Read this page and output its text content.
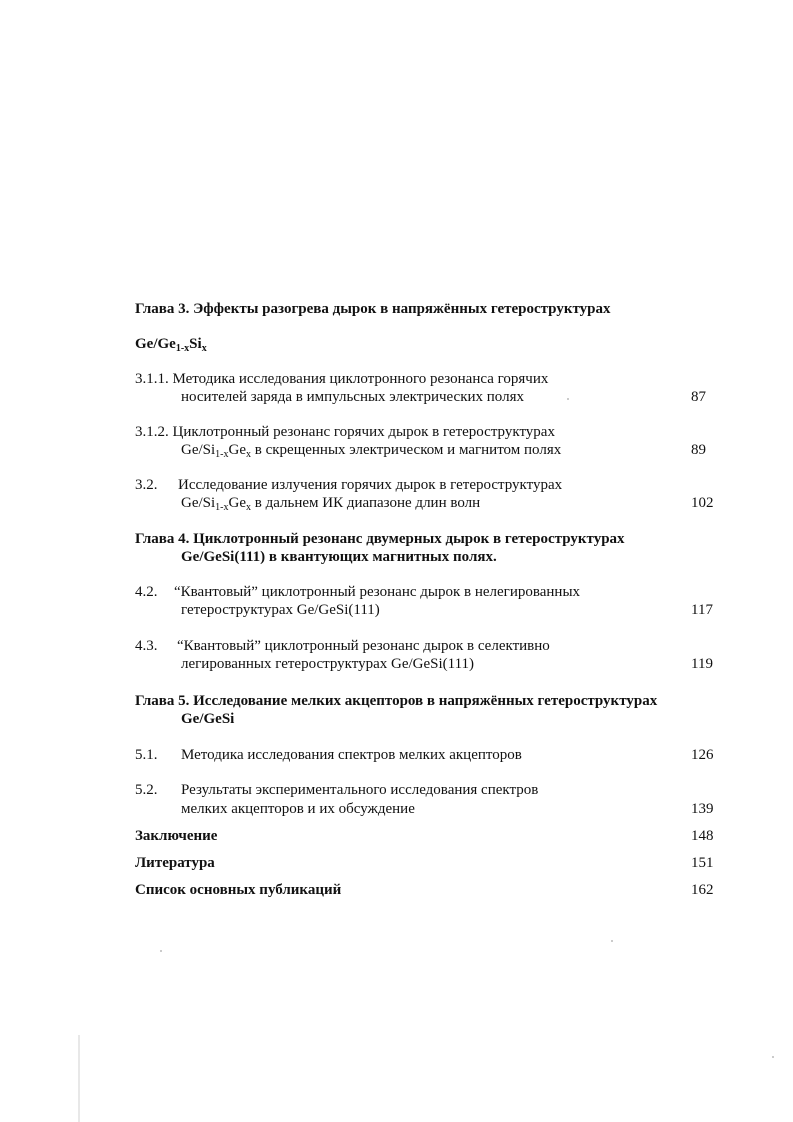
Глава 3. Эффекты разогрева дырок в напряжённых гетероструктурах
$Ge/Ge_{1-x}Si_x$
3.1.1. Методика исследования циклотронного резонанса горячих
носителей заряда в импульсных электрических полях	87
3.1.2. Циклотронный резонанс горячих дырок в гетероструктурах
$Ge/Si_{1-x}Ge_x$ в скрещенных электрическом и магнитом полях	89
3.2. Исследование излучения горячих дырок в гетероструктурах
$Ge/Si_{1-x}Ge_x$ в дальнем ИК диапазоне длин волн	102
Глава 4. Циклотронный резонанс двумерных дырок в гетероструктурах
Ge/GeSi(111) в квантующих магнитных полях.
4.2. “Квантовый” циклотронный резонанс дырок в нелегированных
гетероструктурах Ge/GeSi(111)	117
4.3. “Квантовый” циклотронный резонанс дырок в селективно
легированных гетероструктурах Ge/GeSi(111)	119
Глава 5. Исследование мелких акцепторов в напряжённых гетероструктурах
Ge/GeSi
5.1. Методика исследования спектров мелких акцепторов	126
5.2. Результаты экспериментального исследования спектров
мелких акцепторов и их обсуждение	139
Заключение	148
Литература	151
Список основных публикаций	162
